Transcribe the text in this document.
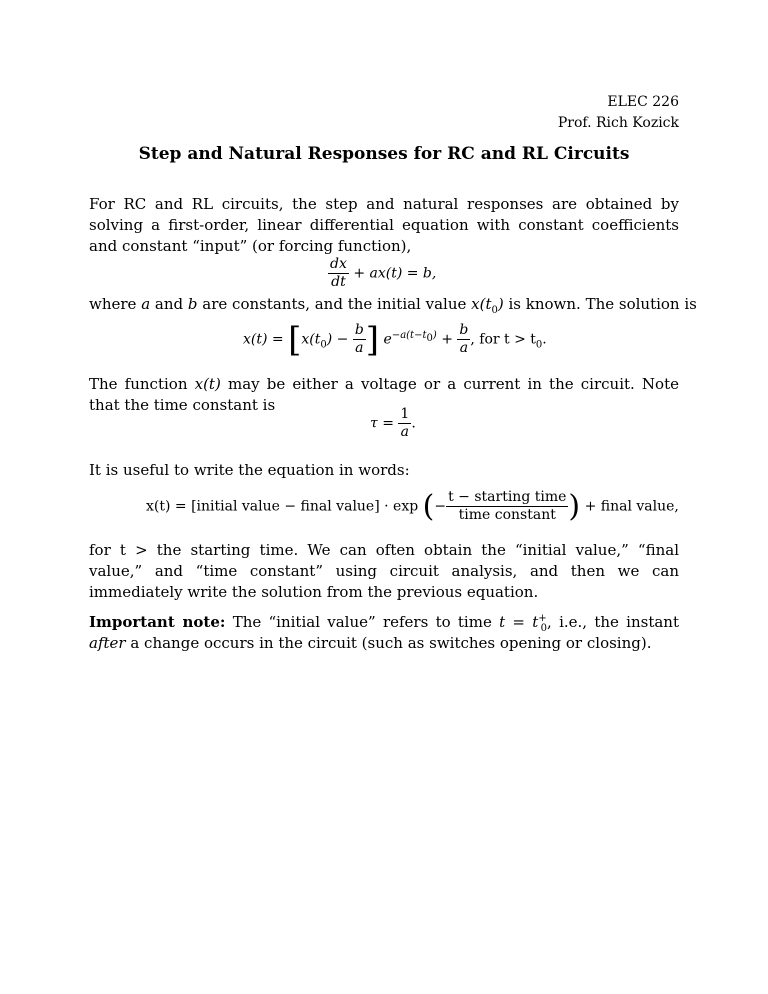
ELEC 226
Prof. Rich Kozick
Step and Natural Responses for RC and RL Circuits
For RC and RL circuits, the step and natural responses are obtained by solving a first-order, linear differential equation with constant coefficients and constant “input” (or forcing function),
$\frac{dx}{dt} + ax(t) = b$,
where a and b are constants, and the initial value $x(t_0)$ is known. The solution is
$x(t) = [x(t_0) - \frac{b}{a}$ ] $e^{-a(t-t_0)} + \frac{b}{a}$ , for $t > t_0$.
The function x(t) may be either a voltage or a current in the circuit. Note that the time constant is
$\tau = \frac{1}{a}$ .
It is useful to write the equation in words:
x(t) = [initial value − final value] · exp (− $\frac{\text{t − starting time}}{\text{time constant}}$ ) + final value,
for t > the starting time. We can often obtain the “initial value,” “final value,” and “time constant” using circuit analysis, and then we can immediately write the solution from the previous equation.
Important note: The “initial value” refers to time $t = t^+_0$, i.e., the instant after a change occurs in the circuit (such as switches opening or closing).
